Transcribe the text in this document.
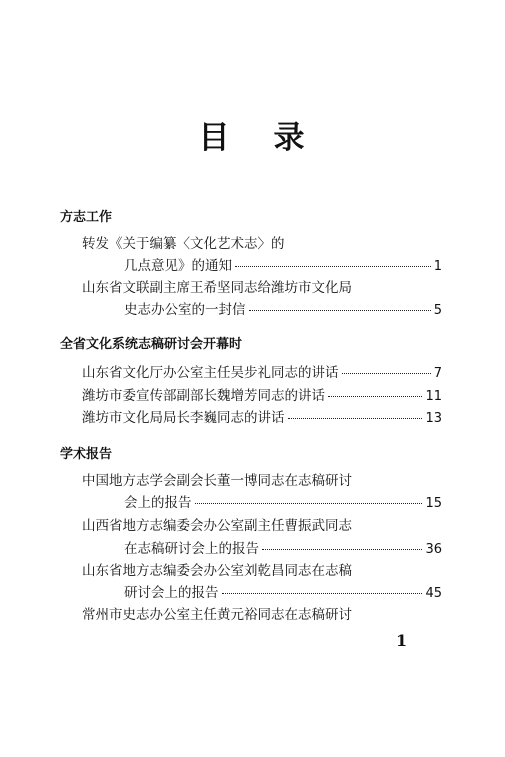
目 录
方志工作
转发《关于编纂〈文化艺术志〉的
几点意见》的通知	1
山东省文联副主席王希坚同志给潍坊市文化局
史志办公室的一封信	5
全省文化系统志稿研讨会开幕时
山东省文化厅办公室主任吴步礼同志的讲话	7
潍坊市委宣传部副部长魏增芳同志的讲话	11
潍坊市文化局局长李巍同志的讲话	13
学术报告
中国地方志学会副会长董一博同志在志稿研讨
会上的报告	15
山西省地方志编委会办公室副主任曹振武同志
在志稿研讨会上的报告	36
山东省地方志编委会办公室刘乾昌同志在志稿
研讨会上的报告	45
常州市史志办公室主任黄元裕同志在志稿研讨
1
